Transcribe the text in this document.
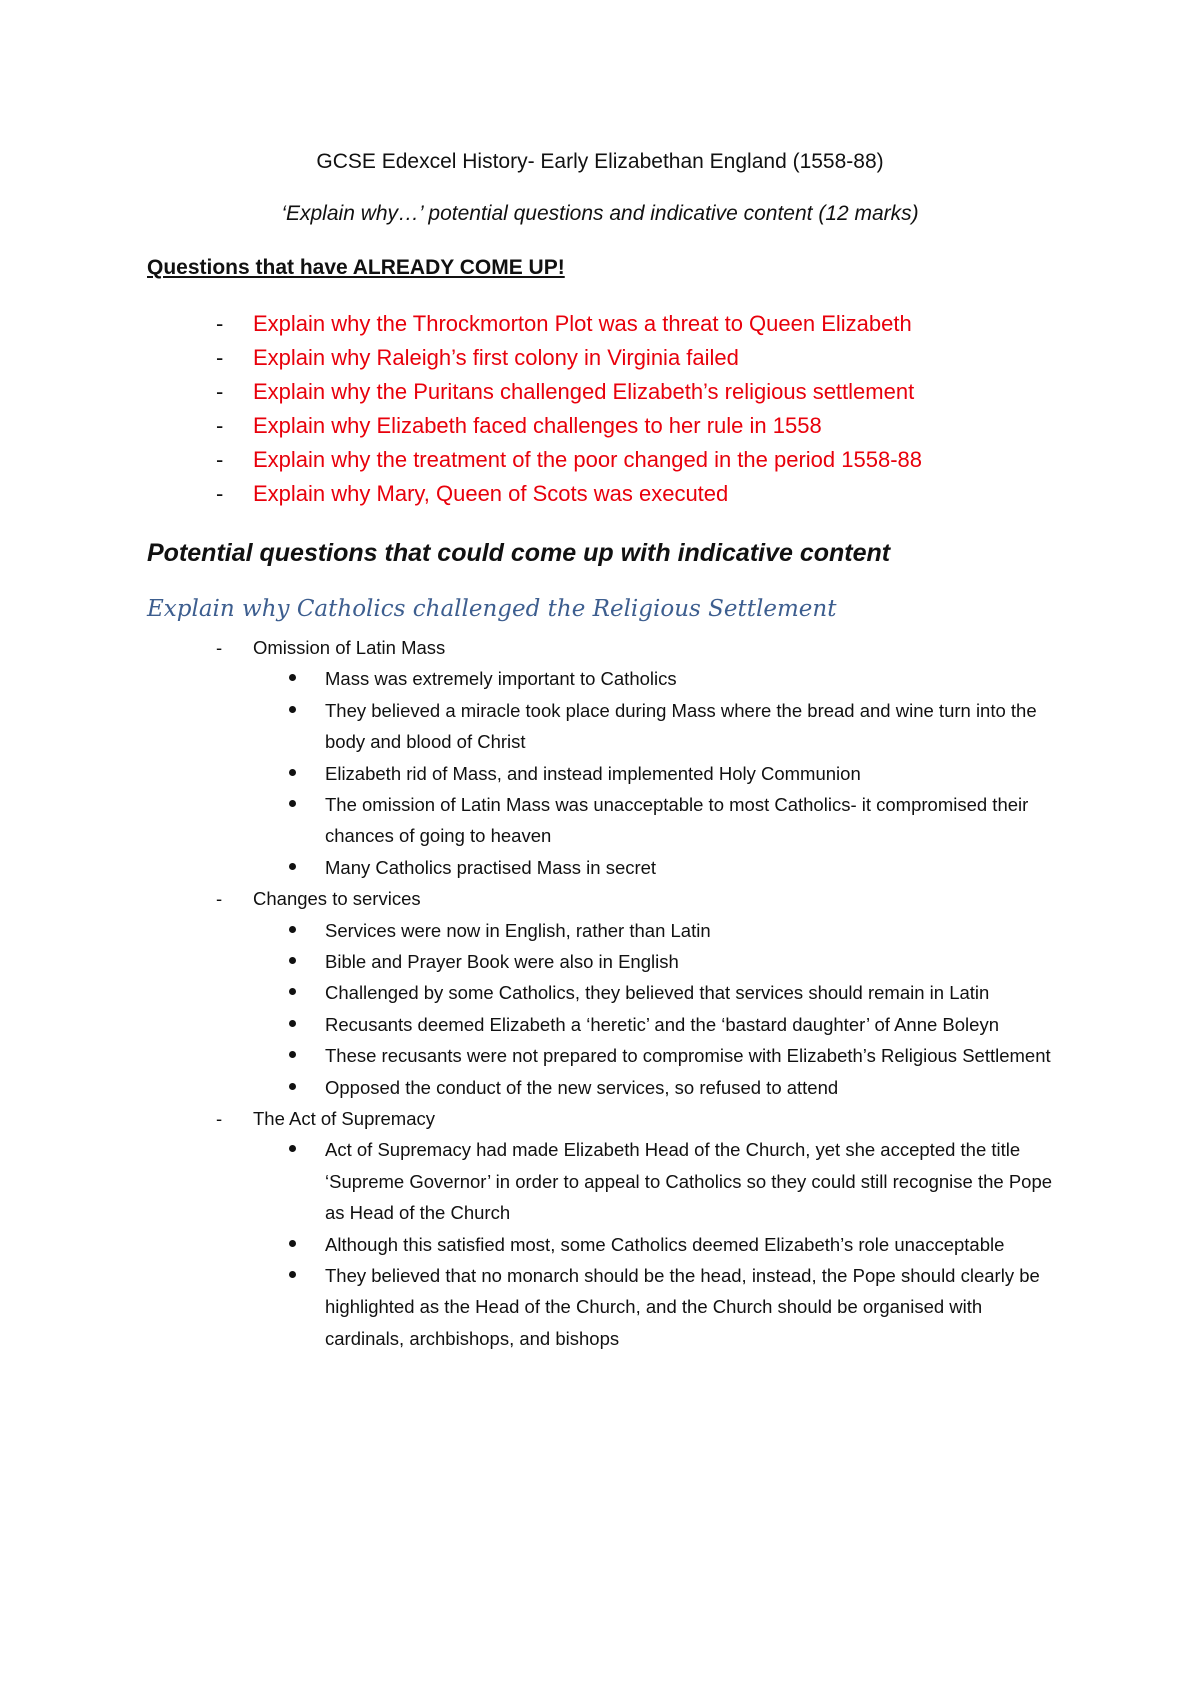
GCSE Edexcel History- Early Elizabethan England (1558-88)

‘Explain why…’ potential questions and indicative content (12 marks)

Questions that have ALREADY COME UP!

- Explain why the Throckmorton Plot was a threat to Queen Elizabeth
- Explain why Raleigh’s first colony in Virginia failed
- Explain why the Puritans challenged Elizabeth’s religious settlement
- Explain why Elizabeth faced challenges to her rule in 1558
- Explain why the treatment of the poor changed in the period 1558-88
- Explain why Mary, Queen of Scots was executed
Potential questions that could come up with indicative content
Explain why Catholics challenged the Religious Settlement
- Omission of Latin Mass
Mass was extremely important to Catholics
They believed a miracle took place during Mass where the bread and wine turn into the body and blood of Christ
Elizabeth rid of Mass, and instead implemented Holy Communion
The omission of Latin Mass was unacceptable to most Catholics- it compromised their chances of going to heaven
Many Catholics practised Mass in secret
- Changes to services
Services were now in English, rather than Latin
Bible and Prayer Book were also in English
Challenged by some Catholics, they believed that services should remain in Latin
Recusants deemed Elizabeth a ‘heretic’ and the ‘bastard daughter’ of Anne Boleyn
These recusants were not prepared to compromise with Elizabeth’s Religious Settlement
Opposed the conduct of the new services, so refused to attend
- The Act of Supremacy
Act of Supremacy had made Elizabeth Head of the Church, yet she accepted the title ‘Supreme Governor’ in order to appeal to Catholics so they could still recognise the Pope as Head of the Church
Although this satisfied most, some Catholics deemed Elizabeth’s role unacceptable
They believed that no monarch should be the head, instead, the Pope should clearly be highlighted as the Head of the Church, and the Church should be organised with cardinals, archbishops, and bishops
